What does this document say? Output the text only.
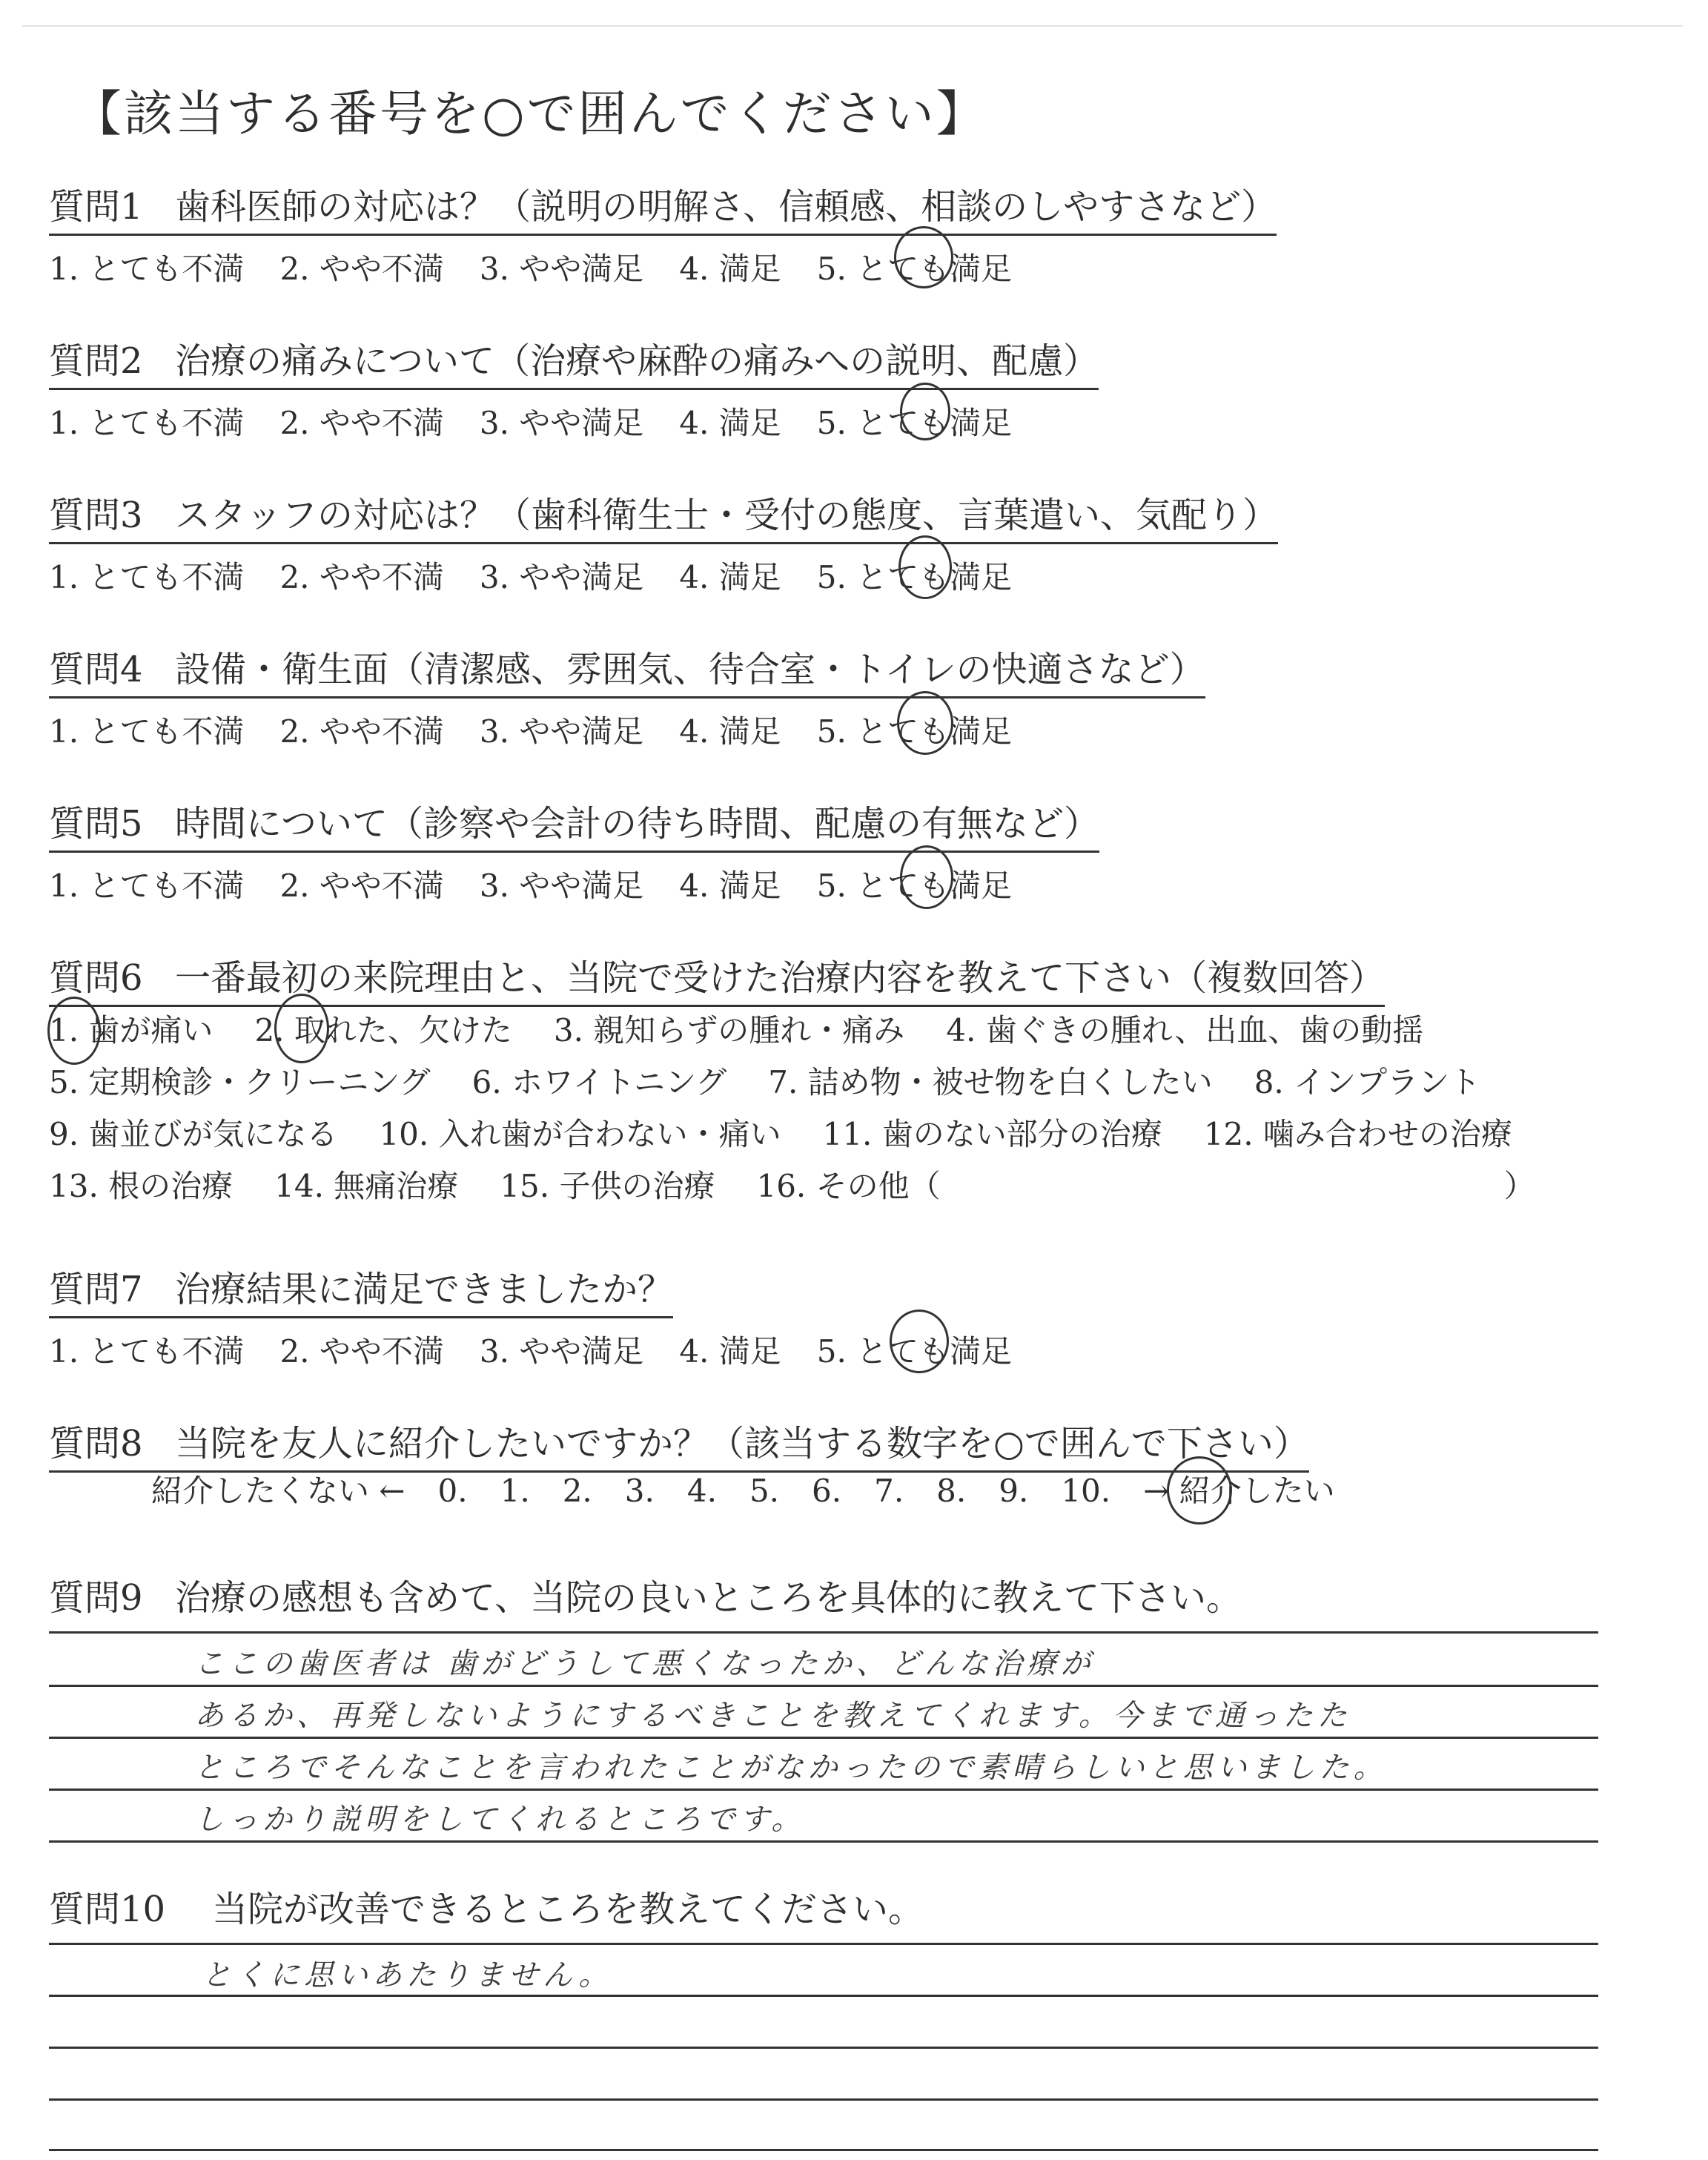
【該当する番号を○で囲んでください】
質問1 歯科医師の対応は？（説明の明解さ、信頼感、相談のしやすさなど）
1. とても不満 2. やや不満 3. やや満足 4. 満足 5. とても満足
質問2 治療の痛みについて（治療や麻酔の痛みへの説明、配慮）
1. とても不満 2. やや不満 3. やや満足 4. 満足 5. とても満足
質問3 スタッフの対応は？（歯科衛生士・受付の態度、言葉遣い、気配り）
1. とても不満 2. やや不満 3. やや満足 4. 満足 5. とても満足
質問4 設備・衛生面（清潔感、雰囲気、待合室・トイレの快適さなど）
1. とても不満 2. やや不満 3. やや満足 4. 満足 5. とても満足
質問5 時間について（診察や会計の待ち時間、配慮の有無など）
1. とても不満 2. やや不満 3. やや満足 4. 満足 5. とても満足
質問6 一番最初の来院理由と、当院で受けた治療内容を教えて下さい（複数回答）
1. 歯が痛い 2. 取れた、欠けた 3. 親知らずの腫れ・痛み 4. 歯ぐきの腫れ、出血、歯の動揺
5. 定期検診・クリーニング 6. ホワイトニング 7. 詰め物・被せ物を白くしたい 8. インプラント
9. 歯並びが気になる 10. 入れ歯が合わない・痛い 11. 歯のない部分の治療 12. 噛み合わせの治療
13. 根の治療 14. 無痛治療 15. 子供の治療 16. その他（	）
質問7 治療結果に満足できましたか？
1. とても不満 2. やや不満 3. やや満足 4. 満足 5. とても満足
質問8 当院を友人に紹介したいですか？（該当する数字を○で囲んで下さい）
紹介したくない ← 0. 1. 2. 3. 4. 5. 6. 7. 8. 9. 10. → 紹介したい
質問9 治療の感想も含めて、当院の良いところを具体的に教えて下さい。
ここの歯医者は 歯がどうして悪くなったか、どんな治療が
あるか、再発しないようにするべきことを教えてくれます。今まで通ったた
ところでそんなことを言われたことがなかったので素晴らしいと思いました。
しっかり説明をしてくれるところです。
質問10 当院が改善できるところを教えてください。
とくに思いあたりません。
